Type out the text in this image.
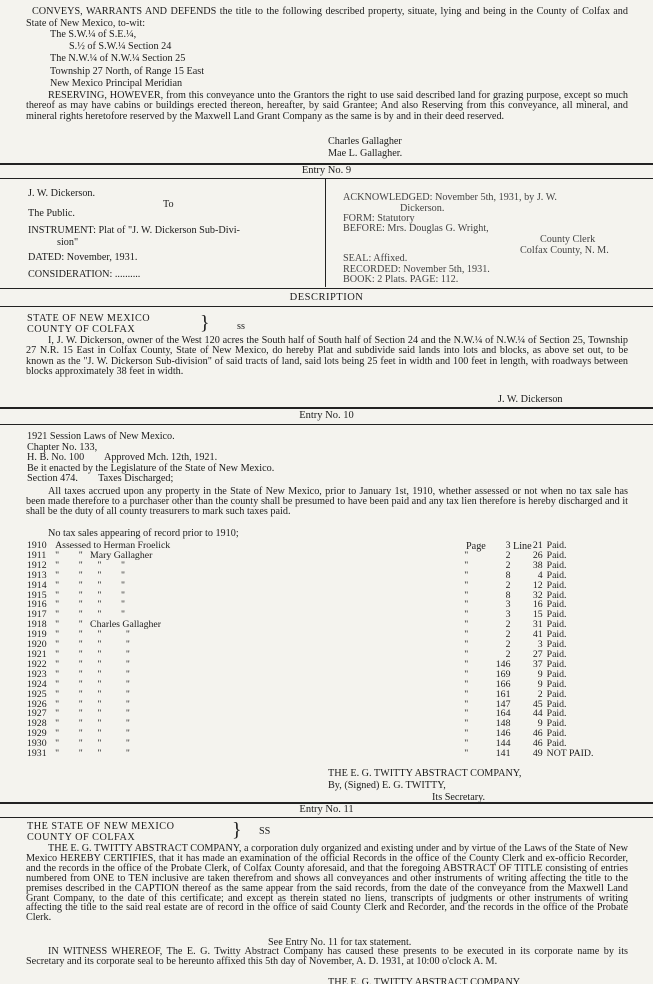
CONVEYS, WARRANTS AND DEFENDS the title to the following described property, situate, lying and being in the County of Colfax and State of New Mexico, to-wit:
The S.W.¼ of S.E.¼,
S.½ of S.W.¼ Section 24
The N.W.¼ of N.W.¼ Section 25
Township 27 North, of Range 15 East
New Mexico Principal Meridian
RESERVING, HOWEVER, from this conveyance unto the Grantors the right to use said described land for grazing purpose, except so much thereof as may have cabins or buildings erected thereon, hereafter, by said Grantee; And also Reserving from this conveyance, all mineral, and mineral rights heretofore reserved by the Maxwell Land Grant Company as the same is by and in their deed reserved.
Charles Gallagher
Mae L. Gallagher.
Entry No. 9
J. W. Dickerson.
To
The Public.
INSTRUMENT: Plat of "J. W. Dickerson Sub-Divi-
sion"
DATED: November, 1931.
CONSIDERATION: ..........
ACKNOWLEDGED: November 5th, 1931, by J. W.
Dickerson.
FORM: Statutory
BEFORE: Mrs. Douglas G. Wright,
County Clerk
Colfax County, N. M.
SEAL: Affixed.
RECORDED: November 5th, 1931.
BOOK: 2 Plats. PAGE: 112.
DESCRIPTION
STATE OF NEW MEXICO
COUNTY OF COLFAX	}	ss
I, J. W. Dickerson, owner of the West 120 acres the South half of South half of Section 24 and the N.W.¼ of N.W.¼ of Section 25, Township 27 N.R. 15 East in Colfax County, State of New Mexico, do hereby Plat and subdivide said lands into lots and blocks, as above set out, to be known as the "J. W. Dickerson Sub-division" of said tracts of land, said lots being 25 feet in width and 100 feet in length, with roadways between blocks approximately 38 feet in width.
J. W. Dickerson
Entry No. 10
1921 Session Laws of New Mexico.
Chapter No. 133,
H. B. No. 100        Approved Mch. 12th, 1921.
Be it enacted by the Legislature of the State of New Mexico.
Section 474.        Taxes Discharged;
All taxes accrued upon any property in the State of New Mexico, prior to January 1st, 1910, whether assessed or not when no tax sale has been made therefore to a purchaser other than the county shall be presumed to have been paid and any tax lien therefore is hereby discharged and it shall be the duty of all county treasurers to mark such taxes paid.
No tax sales appearing of record prior to 1910;
Page	Line
1910	Assessed to Herman Froelick		3	21	Paid.
1911	"        "   Mary Gallagher	"	2	26	Paid.
1912	"        "      "        "	"	2	38	Paid.
1913	"        "      "        "	"	8	4	Paid.
1914	"        "      "        "	"	2	12	Paid.
1915	"        "      "        "	"	8	32	Paid.
1916	"        "      "        "	"	3	16	Paid.
1917	"        "      "        "	"	3	15	Paid.
1918	"        "   Charles Gallagher	"	2	31	Paid.
1919	"        "      "          "	"	2	41	Paid.
1920	"        "      "          "	"	2	3	Paid.
1921	"        "      "          "	"	2	27	Paid.
1922	"        "      "          "	"	146	37	Paid.
1923	"        "      "          "	"	169	9	Paid.
1924	"        "      "          "	"	166	9	Paid.
1925	"        "      "          "	"	161	2	Paid.
1926	"        "      "          "	"	147	45	Paid.
1927	"        "      "          "	"	164	44	Paid.
1928	"        "      "          "	"	148	9	Paid.
1929	"        "      "          "	"	146	46	Paid.
1930	"        "      "          "	"	144	46	Paid.
1931	"        "      "          "	"	141	49	NOT PAID.
THE E. G. TWITTY ABSTRACT COMPANY,
By, (Signed) E. G. TWITTY,
Its Secretary.
Entry No. 11
THE STATE OF NEW MEXICO
COUNTY OF COLFAX	} SS
THE E. G. TWITTY ABSTRACT COMPANY, a corporation duly organized and existing under and by virtue of the Laws of the State of New Mexico HEREBY CERTIFIES, that it has made an examination of the official Records in the office of the County Clerk and ex-officio Recorder, and the records in the office of the Probate Clerk, of Colfax County aforesaid, and that the foregoing ABSTRACT OF TITLE consisting of entries numbered from ONE to TEN inclusive are taken therefrom and shows all conveyances and other instruments of writing affecting the title to the premises described in the CAPTION thereof as the same appear from the said records, from the date of the conveyance from the Maxwell Land Grant Company, to the date of this certificate; and except as therein stated no liens, transcripts of judgments or other instruments of writing affecting the title to the said real estate are of record in the office of said County Clerk and Recorder, and the records in the office of the Probate Clerk.
See Entry No. 11 for tax statement.
IN WITNESS WHEREOF, The E. G. Twitty Abstract Company has caused these presents to be executed in its corporate name by its Secretary and its corporate seal to be hereunto affixed this 5th day of November, A. D. 1931, at 10:00 o'clock A. M.
THE E. G. TWITTY ABSTRACT COMPANY
